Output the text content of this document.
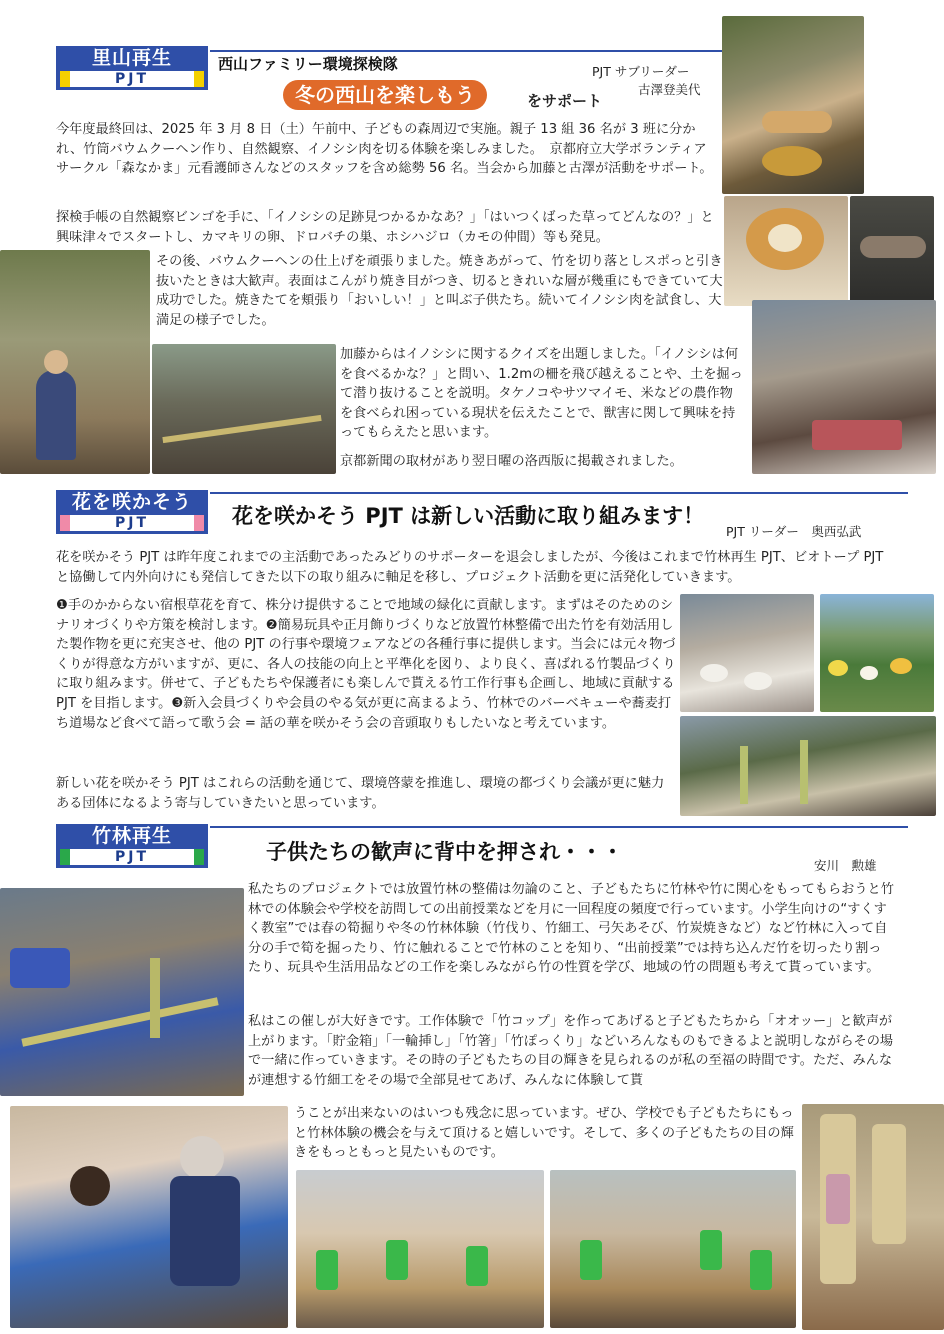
里山再生
PJT
西山ファミリー環境探検隊	PJT サブリーダー
古澤登美代
冬の西山を楽しもう	をサポート
今年度最終回は、2025 年 3 月 8 日（土）午前中、子どもの森周辺で実施。親子 13 組 36 名が 3 班に分かれ、竹筒バウムクーヘン作り、自然観察、イノシシ肉を切る体験を楽しみました。　京都府立大学ボランティアサークル「森なかま」元看護師さんなどのスタッフを含め総勢 56 名。当会から加藤と古澤が活動をサポート。
探検手帳の自然観察ビンゴを手に、「イノシシの足跡見つかるかなあ？」「はいつくばった草ってどんなの？」と興味津々でスタートし、カマキリの卵、ドロバチの巣、ホシハジロ（カモの仲間）等も発見。
その後、バウムクーヘンの仕上げを頑張りました。焼きあがって、竹を切り落としスポっと引き抜いたときは大歓声。表面はこんがり焼き目がつき、切るときれいな層が幾重にもできていて大成功でした。焼きたてを頬張り「おいしい！」と叫ぶ子供たち。続いてイノシシ肉を試食し、大満足の様子でした。
加藤からはイノシシに関するクイズを出題しました。「イノシシは何を食べるかな？」と問い、1.2mの柵を飛び越えることや、土を掘って潜り抜けることを説明。タケノコやサツマイモ、米などの農作物を食べられ困っている現状を伝えたことで、獣害に関して興味を持ってもらえたと思います。
京都新聞の取材があり翌日曜の洛西版に掲載されました。
花を咲かそう
PJT	花を咲かそう PJT は新しい活動に取り組みます！
PJT リーダー　奥西弘武
花を咲かそう PJT は昨年度これまでの主活動であったみどりのサポーターを退会しましたが、今後はこれまで竹林再生 PJT、ビオトープ PJT と協働して内外向けにも発信してきた以下の取り組みに軸足を移し、プロジェクト活動を更に活発化していきます。
❶手のかからない宿根草花を育て、株分け提供することで地域の緑化に貢献します。まずはそのためのシナリオづくりや方策を検討します。❷簡易玩具や正月飾りづくりなど放置竹林整備で出た竹を有効活用した製作物を更に充実させ、他の PJT の行事や環境フェアなどの各種行事に提供します。当会には元々物づくりが得意な方がいますが、更に、各人の技能の向上と平準化を図り、より良く、喜ばれる竹製品づくりに取り組みます。併せて、子どもたちや保護者にも楽しんで貰える竹工作行事も企画し、地域に貢献する PJT を目指します。❸新入会員づくりや会員のやる気が更に高まるよう、竹林でのバーベキューや蕎麦打ち道場など食べて語って歌う会 = 話の華を咲かそう会の音頭取りもしたいなと考えています。
新しい花を咲かそう PJT はこれらの活動を通じて、環境啓蒙を推進し、環境の都づくり会議が更に魅力ある団体になるよう寄与していきたいと思っています。
竹林再生
PJT	子供たちの歓声に背中を押され・・・
安川　勲雄
私たちのプロジェクトでは放置竹林の整備は勿論のこと、子どもたちに竹林や竹に関心をもってもらおうと竹林での体験会や学校を訪問しての出前授業などを月に一回程度の頻度で行っています。小学生向けの“すくすく教室”では春の筍掘りや冬の竹林体験（竹伐り、竹細工、弓矢あそび、竹炭焼きなど）など竹林に入って自分の手で筍を掘ったり、竹に触れることで竹林のことを知り、“出前授業”では持ち込んだ竹を切ったり割ったり、玩具や生活用品などの工作を楽しみながら竹の性質を学び、地域の竹の問題も考えて貰っています。
私はこの催しが大好きです。工作体験で「竹コップ」を作ってあげると子どもたちから「オオッー」と歓声が上がります。「貯金箱」「一輪挿し」「竹箸」「竹ぽっくり」などいろんなものもできるよと説明しながらその場で一緒に作っていきます。その時の子どもたちの目の輝きを見られるのが私の至福の時間です。ただ、みんなが連想する竹細工をその場で全部見せてあげ、みんなに体験して貰
うことが出来ないのはいつも残念に思っています。ぜひ、学校でも子どもたちにもっと竹林体験の機会を与えて頂けると嬉しいです。そして、多くの子どもたちの目の輝きをもっともっと見たいものです。
